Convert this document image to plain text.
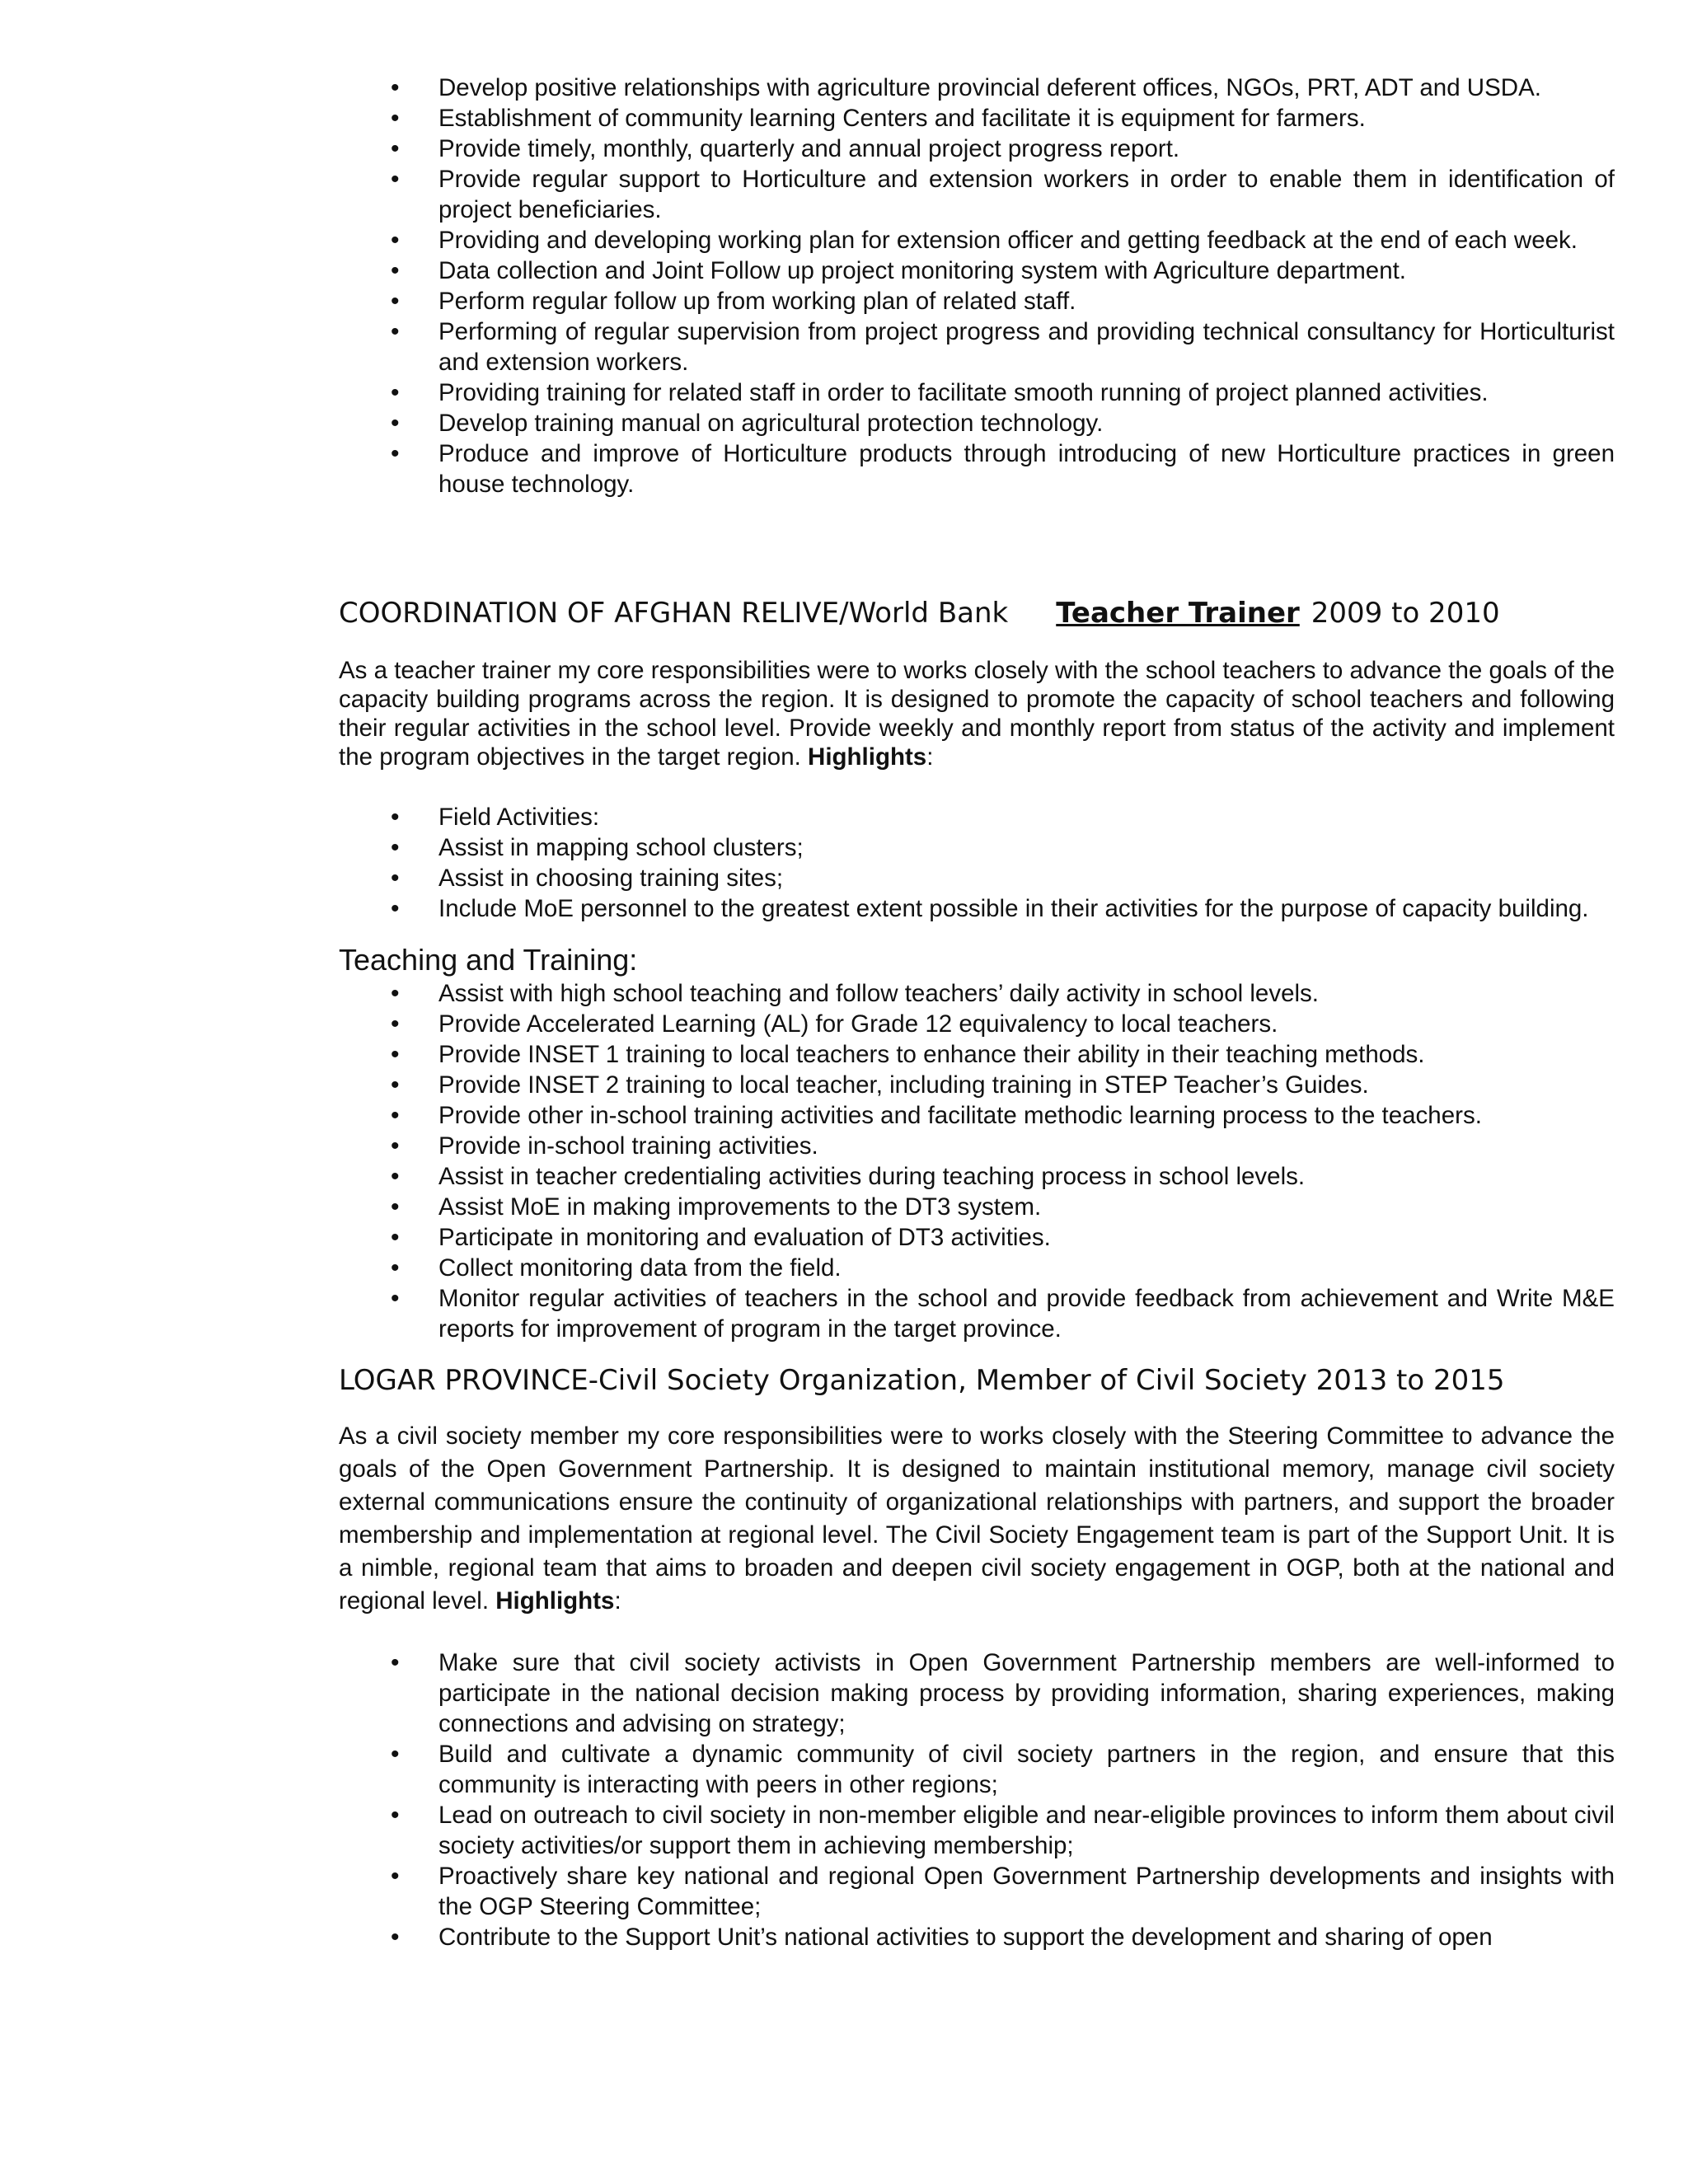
• Develop positive relationships with agriculture provincial deferent offices, NGOs, PRT, ADT and USDA.
• Establishment of community learning Centers and facilitate it is equipment for farmers.
• Provide timely, monthly, quarterly and annual project progress report.
• Provide regular support to Horticulture and extension workers in order to enable them in identification of project beneficiaries.
• Providing and developing working plan for extension officer and getting feedback at the end of each week.
• Data collection and Joint Follow up project monitoring system with Agriculture department.
• Perform regular follow up from working plan of related staff.
• Performing of regular supervision from project progress and providing technical consultancy for Horticulturist and extension workers.
• Providing training for related staff in order to facilitate smooth running of project planned activities.
• Develop training manual on agricultural protection technology.
• Produce and improve of Horticulture products through introducing of new Horticulture practices in green house technology.
COORDINATION OF AFGHAN RELIVE/World Bank Teacher Trainer 2009 to 2010
As a teacher trainer my core responsibilities were to works closely with the school teachers to advance the goals of the capacity building programs across the region. It is designed to promote the capacity of school teachers and following their regular activities in the school level. Provide weekly and monthly report from status of the activity and implement the program objectives in the target region. Highlights:
• Field Activities:
• Assist in mapping school clusters;
• Assist in choosing training sites;
• Include MoE personnel to the greatest extent possible in their activities for the purpose of capacity building.
Teaching and Training:
• Assist with high school teaching and follow teachers’ daily activity in school levels.
• Provide Accelerated Learning (AL) for Grade 12 equivalency to local teachers.
• Provide INSET 1 training to local teachers to enhance their ability in their teaching methods.
• Provide INSET 2 training to local teacher, including training in STEP Teacher’s Guides.
• Provide other in-school training activities and facilitate methodic learning process to the teachers.
• Provide in-school training activities.
• Assist in teacher credentialing activities during teaching process in school levels.
• Assist MoE in making improvements to the DT3 system.
• Participate in monitoring and evaluation of DT3 activities.
• Collect monitoring data from the field.
• Monitor regular activities of teachers in the school and provide feedback from achievement and Write M&E reports for improvement of program in the target province.
LOGAR PROVINCE-Civil Society Organization, Member of Civil Society 2013 to 2015
As a civil society member my core responsibilities were to works closely with the Steering Committee to advance the goals of the Open Government Partnership. It is designed to maintain institutional memory, manage civil society external communications ensure the continuity of organizational relationships with partners, and support the broader membership and implementation at regional level. The Civil Society Engagement team is part of the Support Unit. It is a nimble, regional team that aims to broaden and deepen civil society engagement in OGP, both at the national and regional level. Highlights:
• Make sure that civil society activists in Open Government Partnership members are well-informed to participate in the national decision making process by providing information, sharing experiences, making connections and advising on strategy;
• Build and cultivate a dynamic community of civil society partners in the region, and ensure that this community is interacting with peers in other regions;
• Lead on outreach to civil society in non-member eligible and near-eligible provinces to inform them about civil society activities/or support them in achieving membership;
• Proactively share key national and regional Open Government Partnership developments and insights with the OGP Steering Committee;
• Contribute to the Support Unit’s national activities to support the development and sharing of open
